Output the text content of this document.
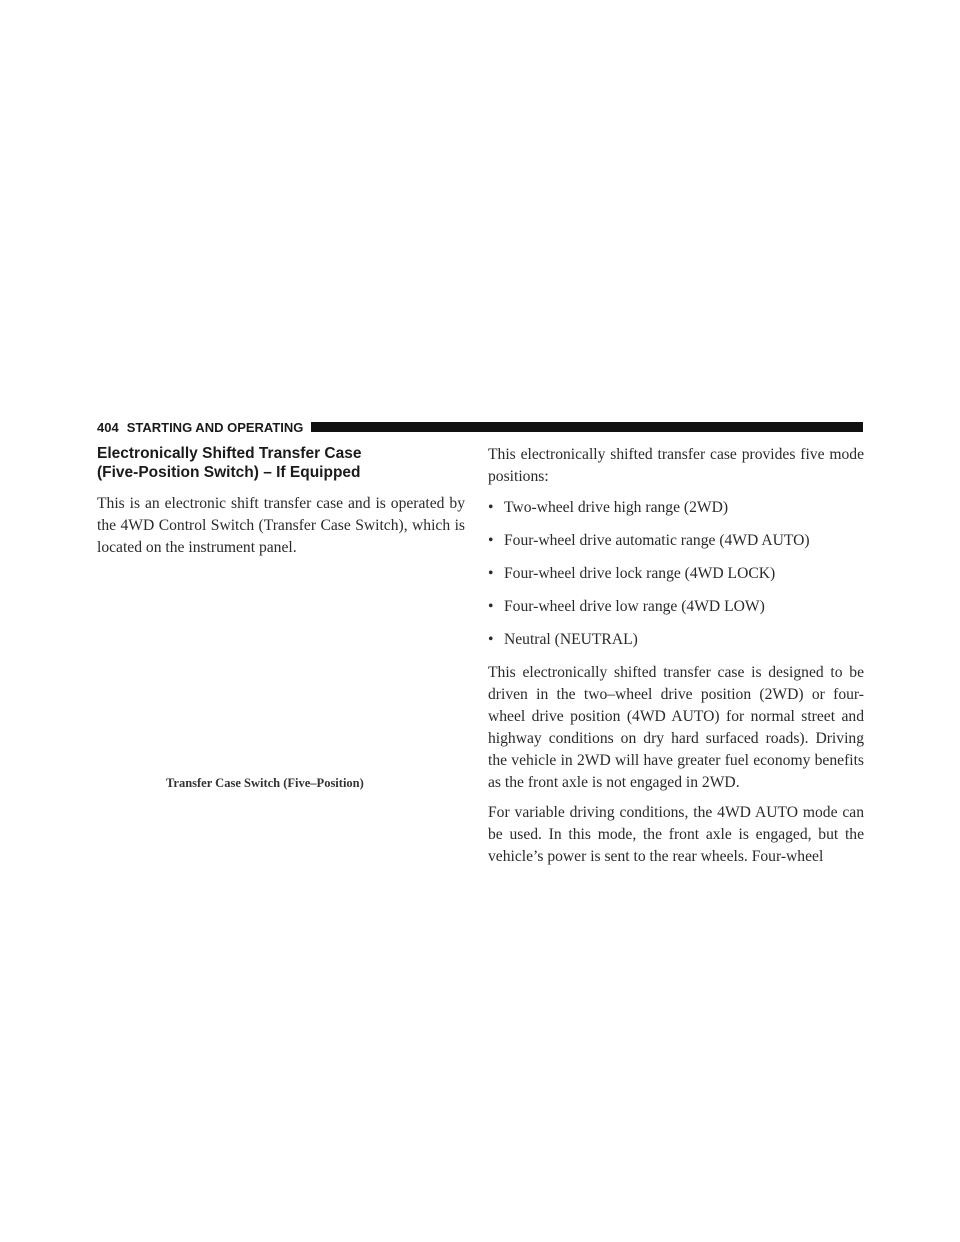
404 STARTING AND OPERATING
Electronically Shifted Transfer Case
(Five-Position Switch) – If Equipped

This is an electronic shift transfer case and is operated by the 4WD Control Switch (Transfer Case Switch), which is located on the instrument panel.

Transfer Case Switch (Five–Position)

This electronically shifted transfer case provides five mode positions:

• Two-wheel drive high range (2WD)
• Four-wheel drive automatic range (4WD AUTO)
• Four-wheel drive lock range (4WD LOCK)
• Four-wheel drive low range (4WD LOW)
• Neutral (NEUTRAL)

This electronically shifted transfer case is designed to be driven in the two–wheel drive position (2WD) or four-wheel drive position (4WD AUTO) for normal street and highway conditions on dry hard surfaced roads). Driving the vehicle in 2WD will have greater fuel economy benefits as the front axle is not engaged in 2WD.

For variable driving conditions, the 4WD AUTO mode can be used. In this mode, the front axle is engaged, but the vehicle’s power is sent to the rear wheels. Four-wheel
